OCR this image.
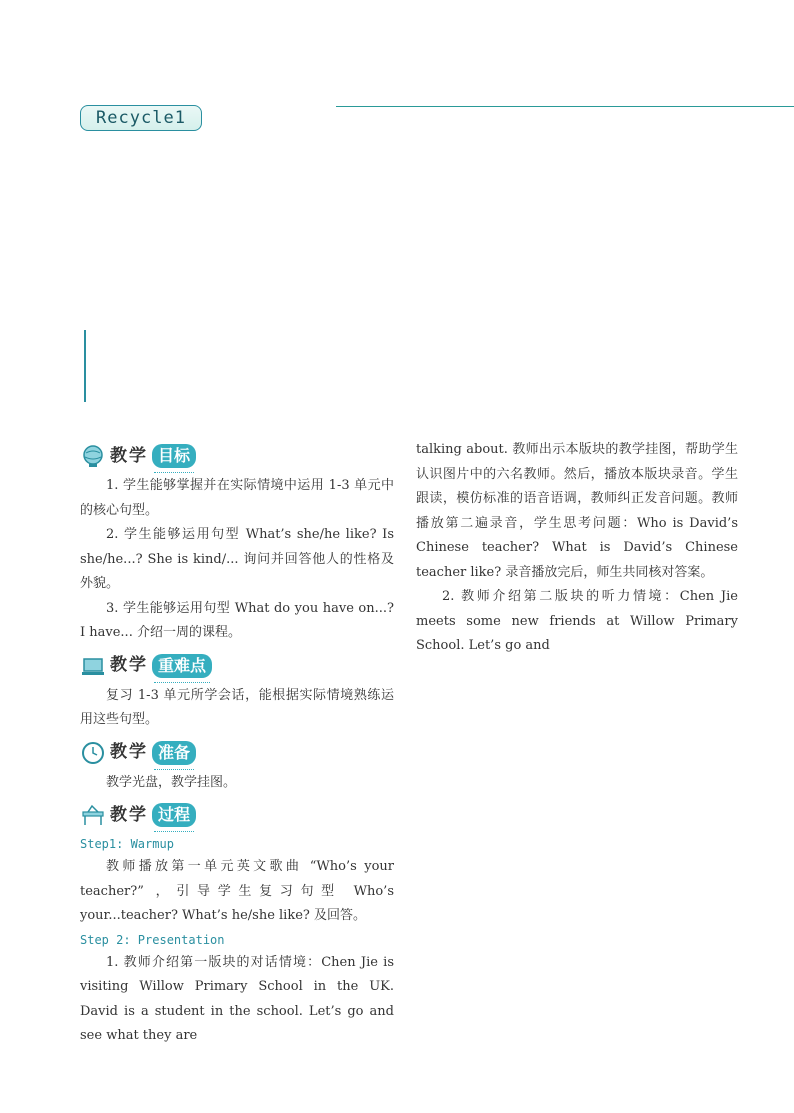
Recycle1
教学 目标

1. 学生能够掌握并在实际情境中运用 1-3 单元中的核心句型。

2. 学生能够运用句型 What’s she/he like? Is she/he...? She is kind/... 询问并回答他人的性格及外貌。

3. 学生能够运用句型 What do you have on...? I have... 介绍一周的课程。

教学 重难点

复习 1-3 单元所学会话，能根据实际情境熟练运用这些句型。

教学 准备

教学光盘，教学挂图。

教学 过程

Step1: Warmup

教师播放第一单元英文歌曲 “Who’s your teacher?” ，引导学生复习句型 Who’s your...teacher? What’s he/she like? 及回答。

Step 2: Presentation

1. 教师介绍第一版块的对话情境：Chen Jie is visiting Willow Primary School in the UK. David is a student in the school. Let’s go and see what they are

talking about. 教师出示本版块的教学挂图，帮助学生认识图片中的六名教师。然后，播放本版块录音。学生跟读，模仿标准的语音语调，教师纠正发音问题。教师播放第二遍录音，学生思考问题：Who is David’s Chinese teacher? What is David’s Chinese teacher like? 录音播放完后，师生共同核对答案。

2. 教师介绍第二版块的听力情境：Chen Jie meets some new friends at Willow Primary School. Let’s go and
